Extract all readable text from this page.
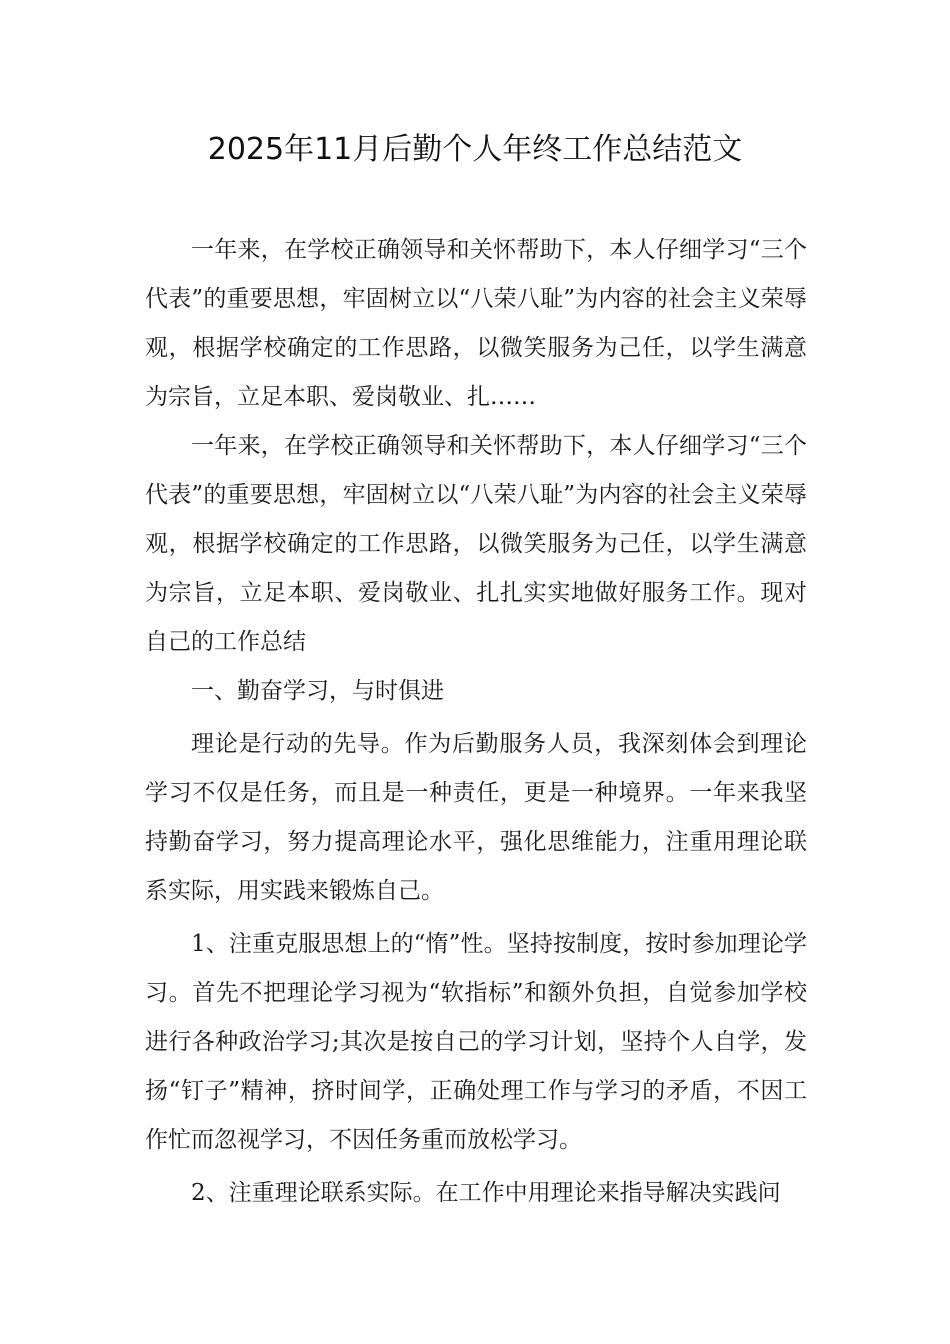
2025年11月后勤个人年终工作总结范文

一年来，在学校正确领导和关怀帮助下，本人仔细学习“三个代表”的重要思想，牢固树立以“八荣八耻”为内容的社会主义荣辱观，根据学校确定的工作思路，以微笑服务为己任，以学生满意为宗旨，立足本职、爱岗敬业、扎……

一年来，在学校正确领导和关怀帮助下，本人仔细学习“三个代表”的重要思想，牢固树立以“八荣八耻”为内容的社会主义荣辱观，根据学校确定的工作思路，以微笑服务为己任，以学生满意为宗旨，立足本职、爱岗敬业、扎扎实实地做好服务工作。现对自己的工作总结

一、勤奋学习，与时俱进

理论是行动的先导。作为后勤服务人员，我深刻体会到理论学习不仅是任务，而且是一种责任，更是一种境界。一年来我坚持勤奋学习，努力提高理论水平，强化思维能力，注重用理论联系实际，用实践来锻炼自己。

1、注重克服思想上的“惰”性。坚持按制度，按时参加理论学习。首先不把理论学习视为“软指标”和额外负担，自觉参加学校进行各种政治学习;其次是按自己的学习计划，坚持个人自学，发扬“钉子”精神，挤时间学，正确处理工作与学习的矛盾，不因工作忙而忽视学习，不因任务重而放松学习。

2、注重理论联系实际。在工作中用理论来指导解决实践问
